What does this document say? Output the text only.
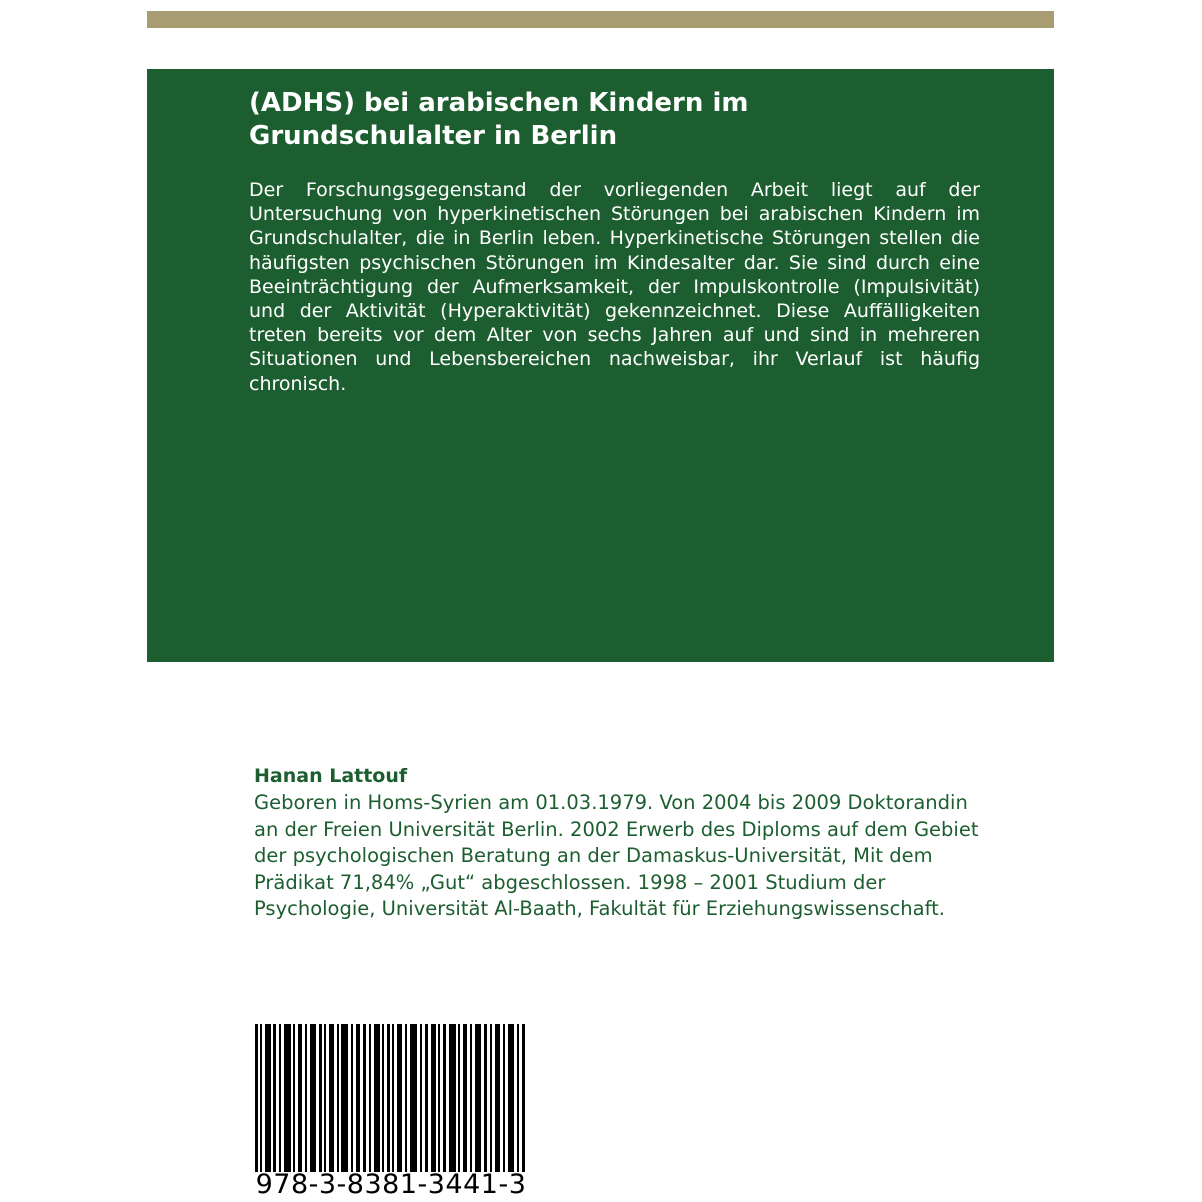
(ADHS) bei arabischen Kindern im Grundschulalter in Berlin

Der Forschungsgegenstand der vorliegenden Arbeit liegt auf der Untersuchung von hyperkinetischen Störungen bei arabischen Kindern im Grundschulalter, die in Berlin leben. Hyperkinetische Störungen stellen die häufigsten psychischen Störungen im Kindesalter dar. Sie sind durch eine Beeinträchtigung der Aufmerksamkeit, der Impulskontrolle (Impulsivität) und der Aktivität (Hyperaktivität) gekennzeichnet. Diese Auffälligkeiten treten bereits vor dem Alter von sechs Jahren auf und sind in mehreren Situationen und Lebensbereichen nachweisbar, ihr Verlauf ist häufig chronisch.

Hanan Lattouf

Geboren in Homs-Syrien am 01.03.1979. Von 2004 bis 2009 Doktorandin an der Freien Universität Berlin. 2002 Erwerb des Diploms auf dem Gebiet der psychologischen Beratung an der Damaskus-Universität, Mit dem Prädikat 71,84% „Gut“ abgeschlossen. 1998 – 2001 Studium der Psychologie, Universität Al-Baath, Fakultät für Erziehungswissenschaft.

978-3-8381-3441-3
